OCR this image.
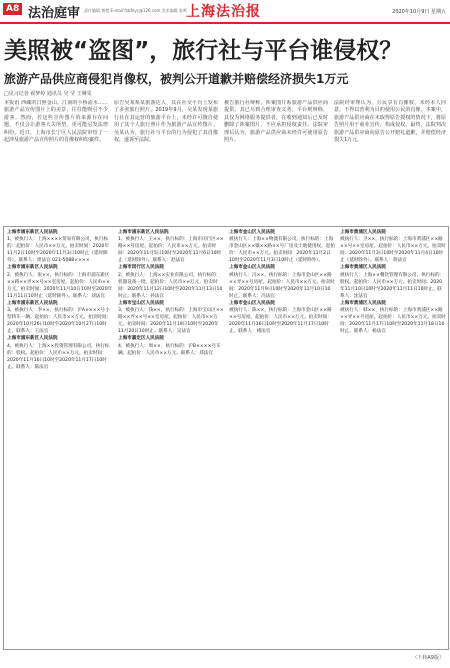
A8 法治庭审 责任编辑 黄橙 E-mail:fzbfeyc@126.com 美术编辑 张鸣 上海法治报	2020年10月9日 星期五
美照被“盗图”，旅行社与平台谁侵权？
旅游产品供应商侵犯肖像权，被判公开道歉并赔偿经济损失1万元
□见习记者 翟梦婷 通讯员 吴 莹 王琳雯
本报讯 西藏的日照金山、江南的小桥流水……旅游产品宣传图片上的美景，往往能吸引不少游客。然而，若这些宣传图片的来源存在问题，不仅会让游客大失所望，更可能引发法律纠纷。近日，上海市长宁区人民法院审结了一起涉及旅游产品宣传照片的肖像权纠纷案件。
原告吴某系某旅游达人，其在社交平台上发布了多张旅行照片。2019年9月，吴某发现某旅行社在其运营的旅游平台上，未经许可擅自使用了其个人旅行照片作为旅游产品宣传图片。吴某认为，旅行社与平台的行为侵犯了其肖像权，遂诉至法院。
被告旅行社辩称，涉案图片系旅游产品供应商提供，其已尽到合理审查义务。平台则辩称，其仅为网络服务提供者，在收到通知后已及时删除了涉案图片，不应承担侵权责任。法院审理后认为，旅游产品供应商未经许可使用原告照片。
法院经审理认为，公民享有肖像权，未经本人同意，不得以营利为目的使用公民的肖像。本案中，旅游产品供应商在未取得原告授权的情况下，将原告照片用于商业宣传，构成侵权。最终，法院判决旅游产品供应商向原告公开赔礼道歉，并赔偿经济损失1万元。

上海市浦东新区人民法院

1、被执行人：上海××××贸易有限公司，执行标的：起拍价：人民币××万元。拍卖时间：2020年11月2日10时至2020年11月3日10时止（延时除外）。联系人：周法官 021-5088××××

上海市浦东新区人民法院

2、被执行人：张××，执行标的：上海市浦东新区××路××弄××号××室房屋。起拍价：人民币××万元。拍卖时间：2020年11月10日10时至2020年11月11日10时止（延时除外）。联系人：刘法官

上海市浦东新区人民法院

3、被执行人：李××，执行标的：沪A××××号小型轿车一辆。起拍价：人民币××万元。拍卖时间：2020年10月26日10时至2020年10月27日10时止。联系人：王法官

上海市浦东新区人民法院

4、被执行人：上海××投资管理有限公司，执行标的：股权。起拍价：人民币××万元。拍卖时间：2020年11月16日10时至2020年11月17日10时止。联系人：陈法官

上海市浦东新区人民法院

1、被执行人：王××，执行标的：上海市闵行区××路××号房屋。起拍价：人民币××万元。拍卖时间：2020年11月5日10时至2020年11月6日10时止（延时除外）。联系人：赵法官

上海市闵行区人民法院

2、被执行人：上海××实业有限公司，执行标的：机器设备一批。起拍价：人民币××万元。拍卖时间：2020年11月12日10时至2020年11月13日10时止。联系人：孙法官

上海市宝山区人民法院

3、被执行人：钱××，执行标的：上海市宝山区××路××弄××号××室房屋。起拍价：人民币××万元。拍卖时间：2020年11月19日10时至2020年11月20日10时止。联系人：吴法官

上海市嘉定区人民法院

4、被执行人：周××，执行标的：沪B××××号车辆。起拍价：人民币××万元。联系人：郑法官

上海市金山区人民法院

被执行人：上海××物流有限公司，执行标的：上海市金山区××镇××路××号厂房及土地使用权。起拍价：人民币××万元。拍卖时间：2020年11月2日10时至2020年11月3日10时止（延时除外）。

上海市金山区人民法院

被执行人：冯××，执行标的：上海市金山区××路××弄××号房屋。起拍价：人民币××万元。拍卖时间：2020年11月9日10时至2020年11月10日10时止。联系人：冯法官

上海市金山区人民法院

被执行人：陈××，执行标的：上海市金山区××路××号房屋。起拍价：人民币××万元。拍卖时间：2020年11月16日10时至2020年11月17日10时止。联系人：褚法官

上海市黄浦区人民法院

被执行人：卫××，执行标的：上海市黄浦区××路××号××室房屋。起拍价：人民币××万元。拍卖时间：2020年11月3日10时至2020年11月4日10时止（延时除外）。联系人：蒋法官

上海市黄浦区人民法院

被执行人：上海××餐饮管理有限公司，执行标的：股权。起拍价：人民币××万元。拍卖时间：2020年11月10日10时至2020年11月11日10时止。联系人：沈法官

上海市黄浦区人民法院

被执行人：韩××，执行标的：上海市黄浦区××路××弄××号房屋。起拍价：人民币××万元。拍卖时间：2020年11月17日10时至2020年11月18日10时止。联系人：杨法官

（下转A9版）
